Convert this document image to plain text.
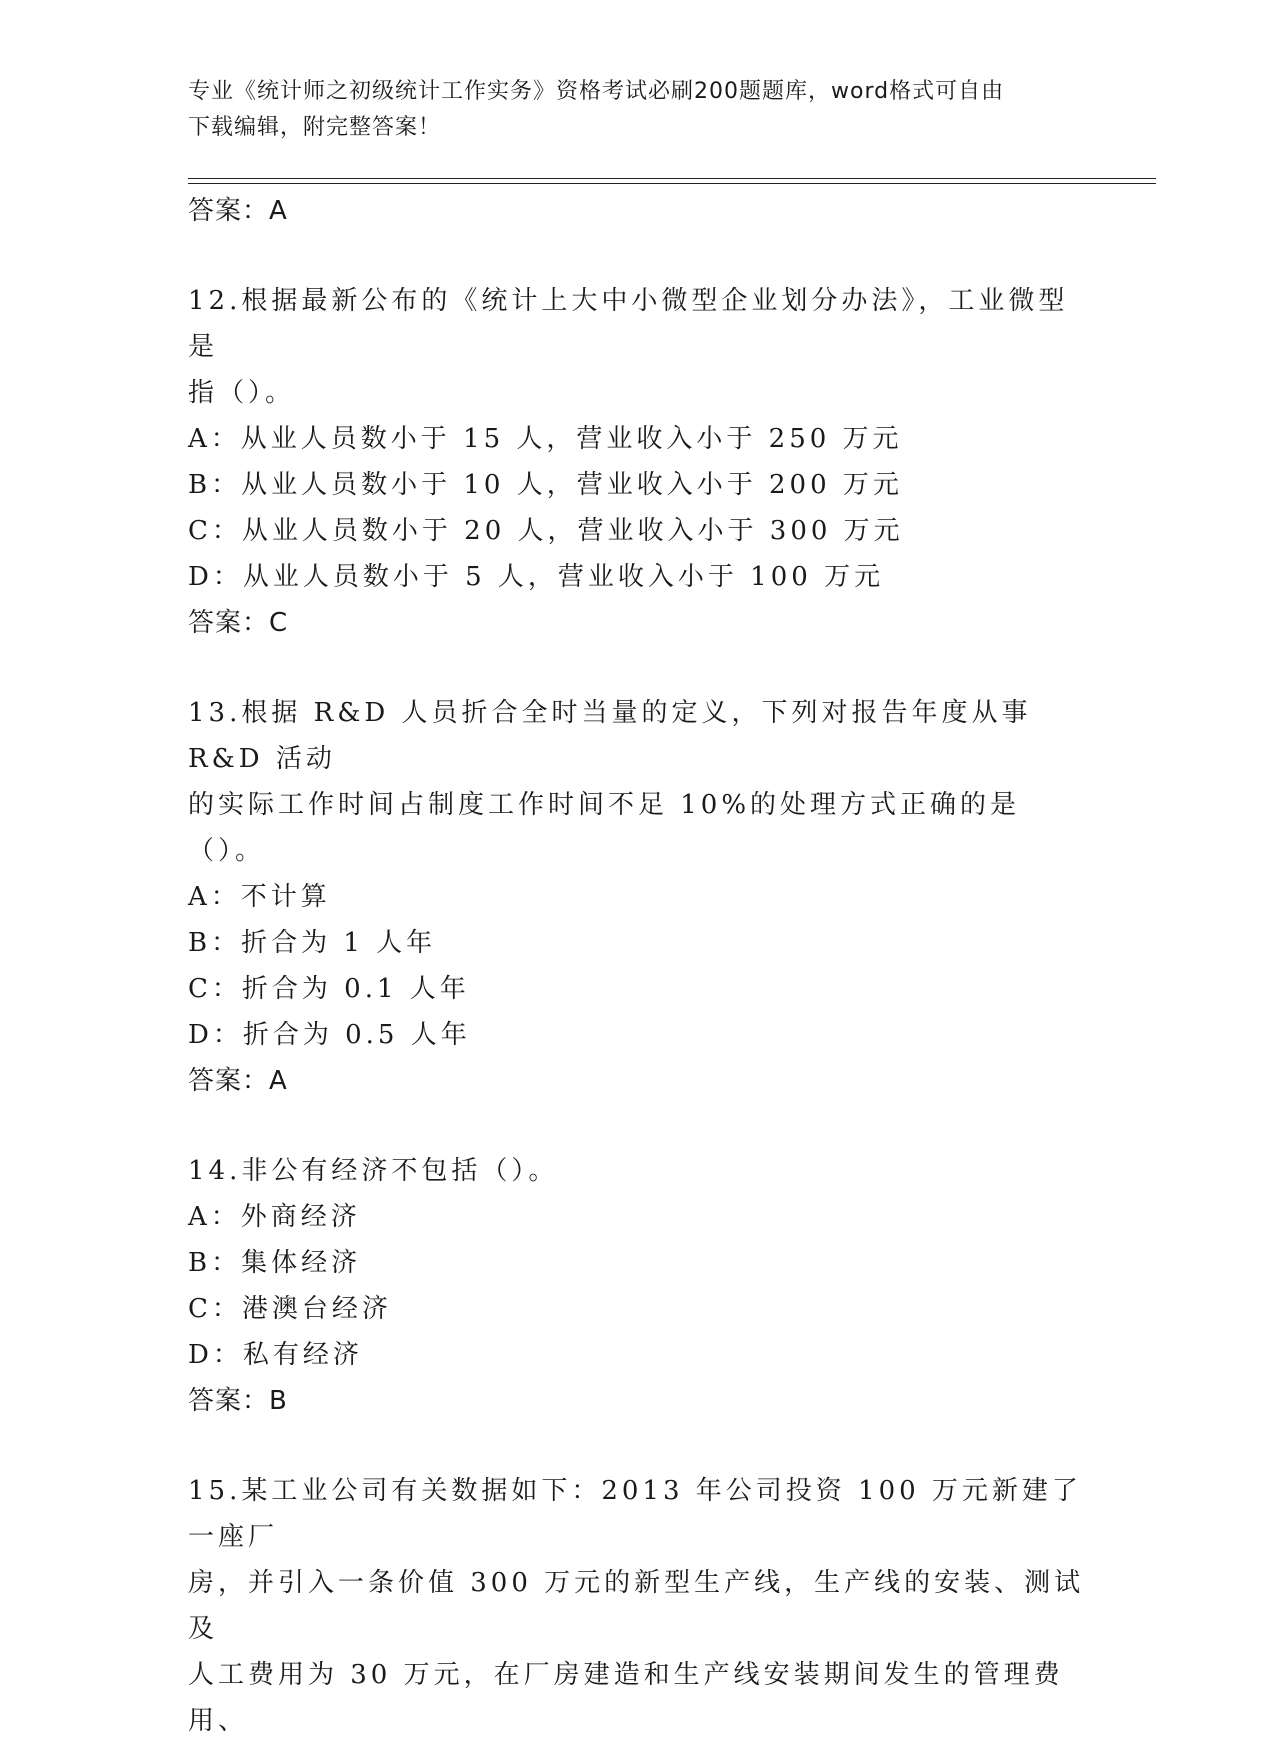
专业《统计师之初级统计工作实务》资格考试必刷200题题库，word格式可自由
下载编辑，附完整答案！
答案：A
12.根据最新公布的《统计上大中小微型企业划分办法》，工业微型是
指（）。
A：从业人员数小于 15 人，营业收入小于 250 万元
B：从业人员数小于 10 人，营业收入小于 200 万元
C：从业人员数小于 20 人，营业收入小于 300 万元
D：从业人员数小于 5 人，营业收入小于 100 万元
答案：C
13.根据 R&D 人员折合全时当量的定义，下列对报告年度从事 R&D 活动
的实际工作时间占制度工作时间不足 10%的处理方式正确的是（）。
A：不计算
B：折合为 1 人年
C：折合为 0.1 人年
D：折合为 0.5 人年
答案：A
14.非公有经济不包括（）。
A：外商经济
B：集体经济
C：港澳台经济
D：私有经济
答案：B
15.某工业公司有关数据如下：2013 年公司投资 100 万元新建了一座厂
房，并引入一条价值 300 万元的新型生产线，生产线的安装、测试及
人工费用为 30 万元，在厂房建造和生产线安装期间发生的管理费用、
